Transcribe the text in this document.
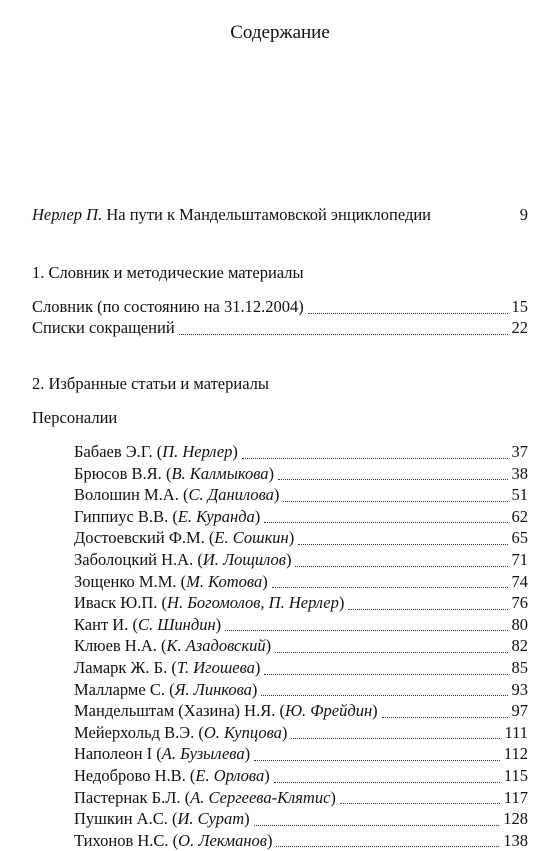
Содержание
Нерлер П. На пути к Мандельштамовской энциклопедии	9
1. Словник и методические материалы
Словник (по состоянию на 31.12.2004)	15
Списки сокращений	22
2. Избранные статьи и материалы
Персоналии
Бабаев Э.Г. (П. Нерлер)	37
Брюсов В.Я. (В. Калмыкова)	38
Волошин М.А. (С. Данилова)	51
Гиппиус В.В. (Е. Куранда)	62
Достоевский Ф.М. (Е. Сошкин)	65
Заболоцкий Н.А. (И. Лощилов)	71
Зощенко М.М. (М. Котова)	74
Иваск Ю.П. (Н. Богомолов, П. Нерлер)	76
Кант И. (С. Шиндин)	80
Клюев Н.А. (К. Азадовский)	82
Ламарк Ж. Б. (Т. Игошева)	85
Малларме С. (Я. Линкова)	93
Мандельштам (Хазина) Н.Я. (Ю. Фрейдин)	97
Мейерхольд В.Э. (О. Купцова)	111
Наполеон I (А. Бузылева)	112
Недоброво Н.В. (Е. Орлова)	115
Пастернак Б.Л. (А. Сергеева-Клятис)	117
Пушкин А.С. (И. Сурат)	128
Тихонов Н.С. (О. Лекманов)	138
